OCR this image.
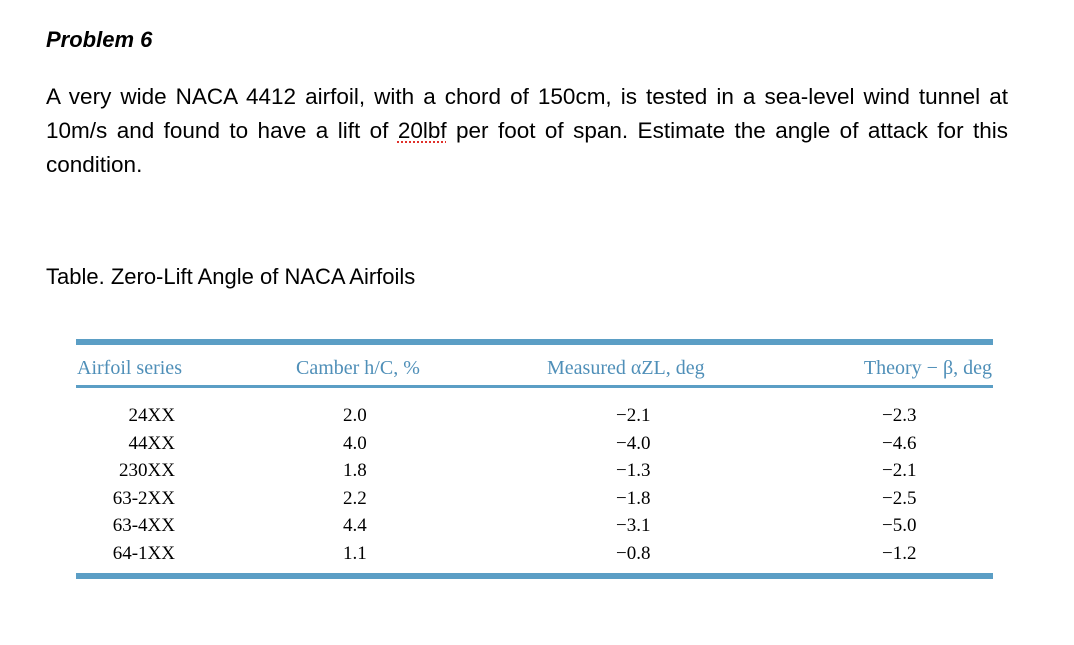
Problem 6
A very wide NACA 4412 airfoil, with a chord of 150cm, is tested in a sea-level wind tunnel at 10m/s and found to have a lift of 20lbf per foot of span. Estimate the angle of attack for this condition.
Table. Zero-Lift Angle of NACA Airfoils
Airfoil series	Camber h/C, %	Measured αZL, deg	Theory − β, deg
24XX	2.0	−2.1	−2.3
44XX	4.0	−4.0	−4.6
230XX	1.8	−1.3	−2.1
63-2XX	2.2	−1.8	−2.5
63-4XX	4.4	−3.1	−5.0
64-1XX	1.1	−0.8	−1.2
